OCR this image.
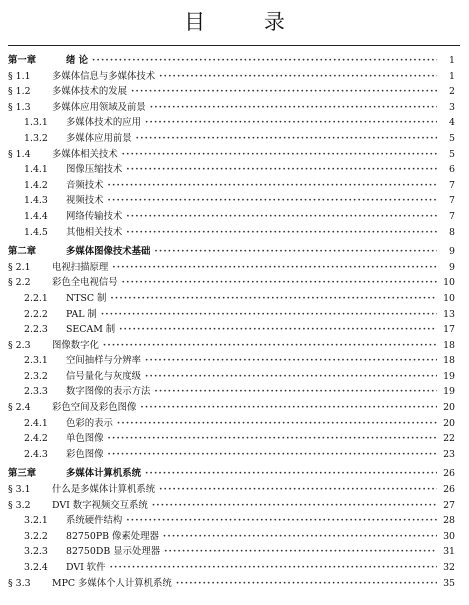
目 录
第一章	绪 论 ·····	1
§ 1.1	多媒体信息与多媒体技术 ·····	1
§ 1.2	多媒体技术的发展 ·····	2
§ 1.3	多媒体应用领域及前景 ·····	3
1.3.1	多媒体技术的应用 ·····	4
1.3.2	多媒体应用前景 ·····	5
§ 1.4	多媒体相关技术 ·····	5
1.4.1	图像压缩技术 ·····	6
1.4.2	音频技术 ·····	7
1.4.3	视频技术 ·····	7
1.4.4	网络传输技术 ·····	7
1.4.5	其他相关技术 ·····	8
第二章	多媒体图像技术基础 ·····	9
§ 2.1	电视扫描原理 ·····	9
§ 2.2	彩色全电视信号 ·····	10
2.2.1	NTSC 制 ·····	10
2.2.2	PAL 制 ·····	13
2.2.3	SECAM 制 ·····	17
§ 2.3	图像数字化 ·····	18
2.3.1	空间抽样与分辨率 ·····	18
2.3.2	信号量化与灰度级 ·····	19
2.3.3	数字图像的表示方法 ·····	19
§ 2.4	彩色空间及彩色图像 ·····	20
2.4.1	色彩的表示 ·····	20
2.4.2	单色图像 ·····	22
2.4.3	彩色图像 ·····	23
第三章	多媒体计算机系统 ·····	26
§ 3.1	什么是多媒体计算机系统 ·····	26
§ 3.2	DVI 数字视频交互系统 ·····	27
3.2.1	系统硬件结构 ·····	28
3.2.2	82750PB 像素处理器 ·····	30
3.2.3	82750DB 显示处理器 ·····	31
3.2.4	DVI 软件 ·····	32
§ 3.3	MPC 多媒体个人计算机系统 ·····	35
